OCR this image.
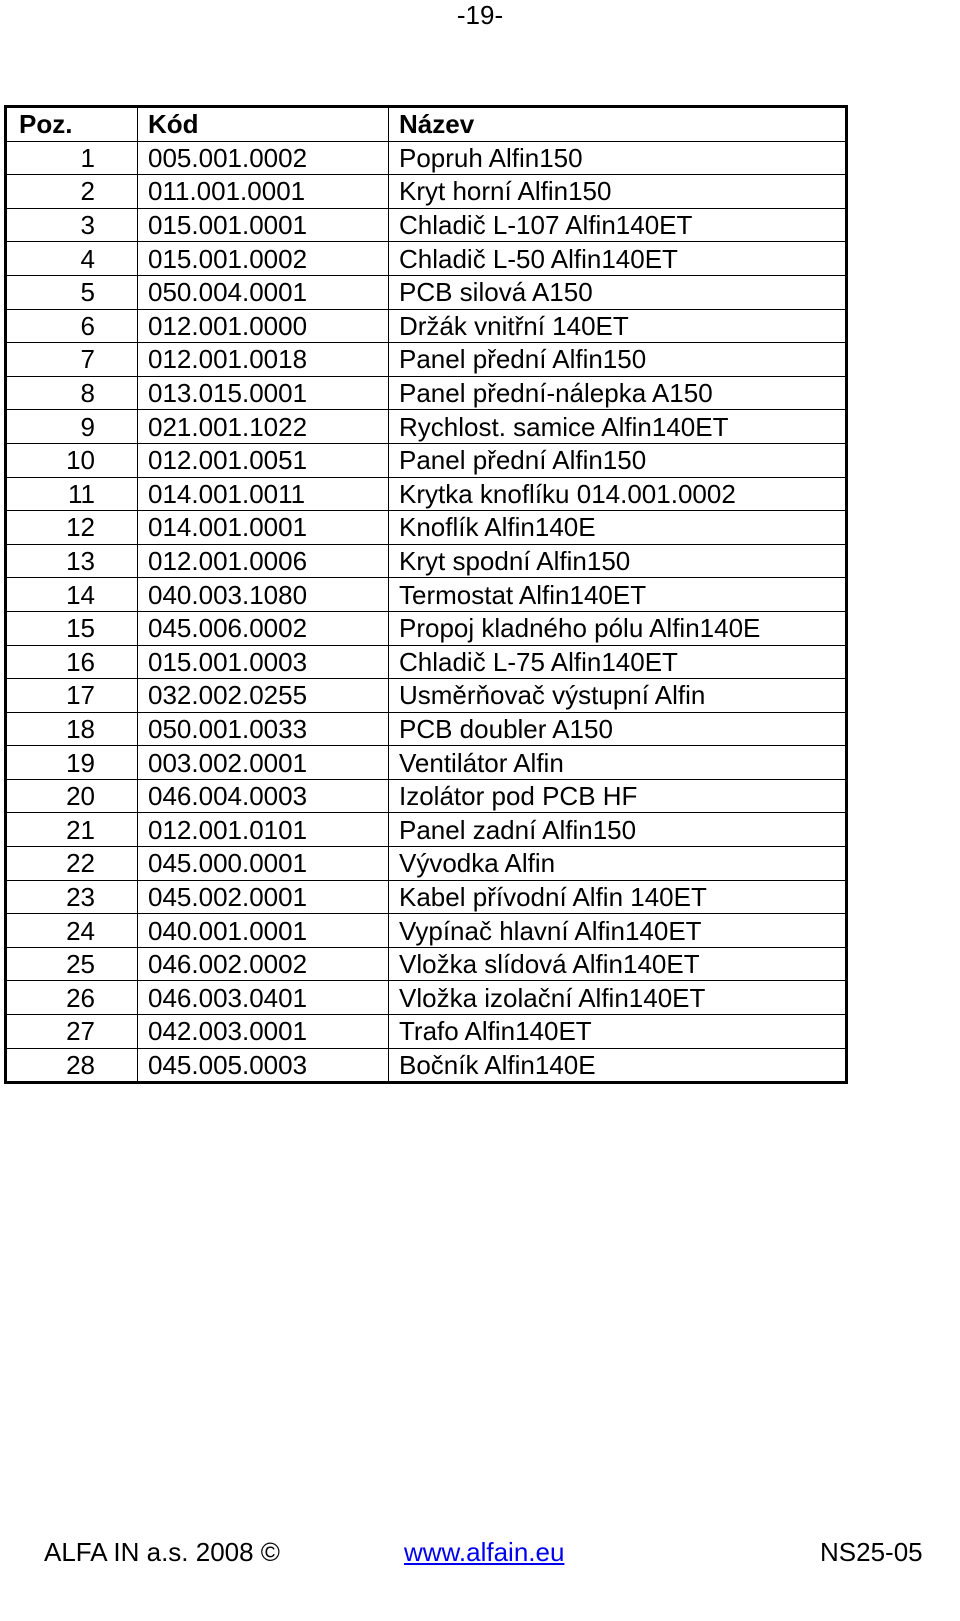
-19-
Poz.	Kód	Název
1	005.001.0002	Popruh Alfin150
2	011.001.0001	Kryt horní Alfin150
3	015.001.0001	Chladič L-107 Alfin140ET
4	015.001.0002	Chladič L-50 Alfin140ET
5	050.004.0001	PCB silová A150
6	012.001.0000	Držák vnitřní 140ET
7	012.001.0018	Panel přední Alfin150
8	013.015.0001	Panel přední-nálepka A150
9	021.001.1022	Rychlost. samice Alfin140ET
10	012.001.0051	Panel přední Alfin150
11	014.001.0011	Krytka knoflíku 014.001.0002
12	014.001.0001	Knoflík Alfin140E
13	012.001.0006	Kryt spodní Alfin150
14	040.003.1080	Termostat Alfin140ET
15	045.006.0002	Propoj kladného pólu Alfin140E
16	015.001.0003	Chladič L-75 Alfin140ET
17	032.002.0255	Usměrňovač výstupní Alfin
18	050.001.0033	PCB doubler A150
19	003.002.0001	Ventilátor Alfin
20	046.004.0003	Izolátor pod PCB HF
21	012.001.0101	Panel zadní Alfin150
22	045.000.0001	Vývodka Alfin
23	045.002.0001	Kabel přívodní Alfin 140ET
24	040.001.0001	Vypínač hlavní Alfin140ET
25	046.002.0002	Vložka slídová Alfin140ET
26	046.003.0401	Vložka izolační Alfin140ET
27	042.003.0001	Trafo Alfin140ET
28	045.005.0003	Bočník Alfin140E
ALFA IN a.s. 2008 ©	www.alfain.eu	NS25-05
